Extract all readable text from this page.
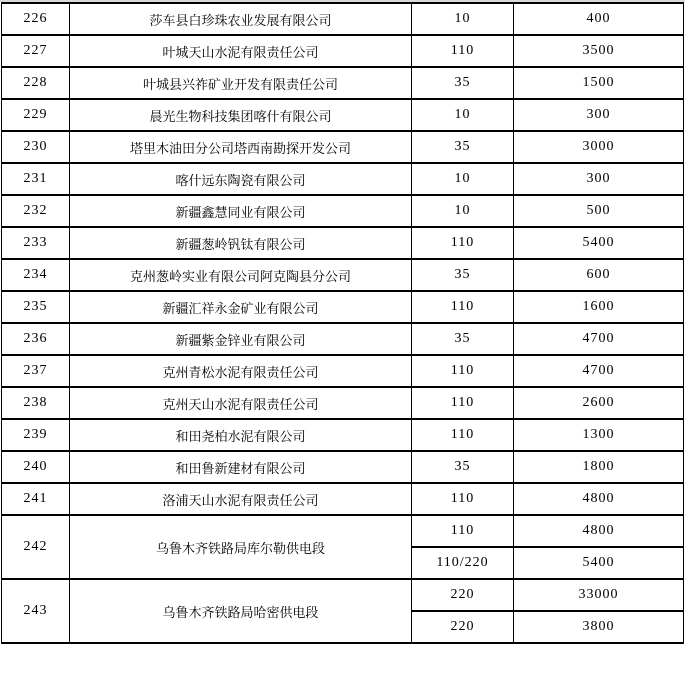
226	莎车县白珍珠农业发展有限公司	10	400
227	叶城天山水泥有限责任公司	110	3500
228	叶城县兴祚矿业开发有限责任公司	35	1500
229	晨光生物科技集团喀什有限公司	10	300
230	塔里木油田分公司塔西南勘探开发公司	35	3000
231	喀什远东陶瓷有限公司	10	300
232	新疆鑫慧同业有限公司	10	500
233	新疆葱岭钒钛有限公司	110	5400
234	克州葱岭实业有限公司阿克陶县分公司	35	600
235	新疆汇祥永金矿业有限公司	110	1600
236	新疆紫金锌业有限公司	35	4700
237	克州青松水泥有限责任公司	110	4700
238	克州天山水泥有限责任公司	110	2600
239	和田尧柏水泥有限公司	110	1300
240	和田鲁新建材有限公司	35	1800
241	洛浦天山水泥有限责任公司	110	4800
242	乌鲁木齐铁路局库尔勒供电段	110	4800
		110/220	5400
243	乌鲁木齐铁路局哈密供电段	220	33000
		220	3800
